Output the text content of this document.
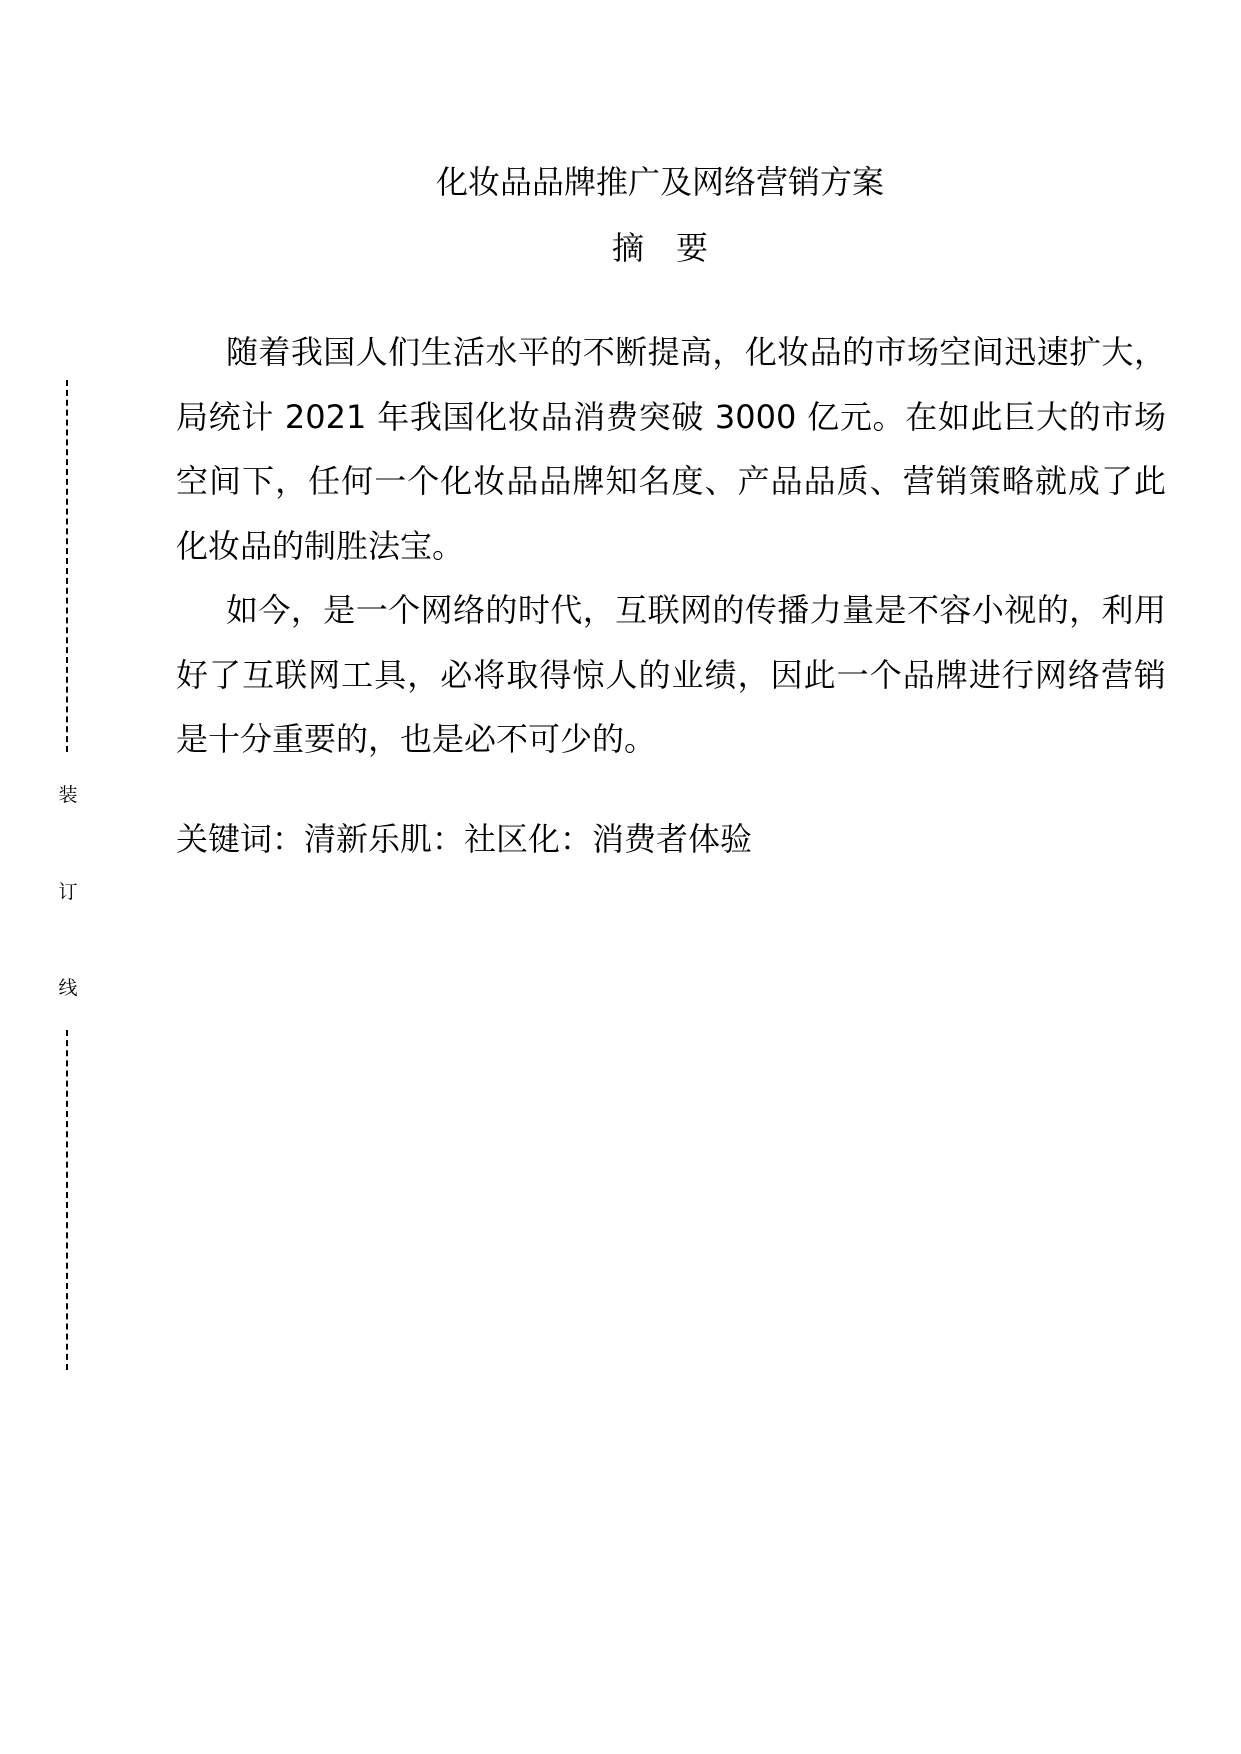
装
订
线
化妆品品牌推广及网络营销方案
摘要

随着我国人们生活水平的不断提高，化妆品的市场空间迅速扩大，局统计 2021 年我国化妆品消费突破 3000 亿元。在如此巨大的市场空间下，任何一个化妆品品牌知名度、产品品质、营销策略就成了此化妆品的制胜法宝。

如今，是一个网络的时代，互联网的传播力量是不容小视的，利用好了互联网工具，必将取得惊人的业绩，因此一个品牌进行网络营销是十分重要的，也是必不可少的。

关键词：清新乐肌：社区化：消费者体验
